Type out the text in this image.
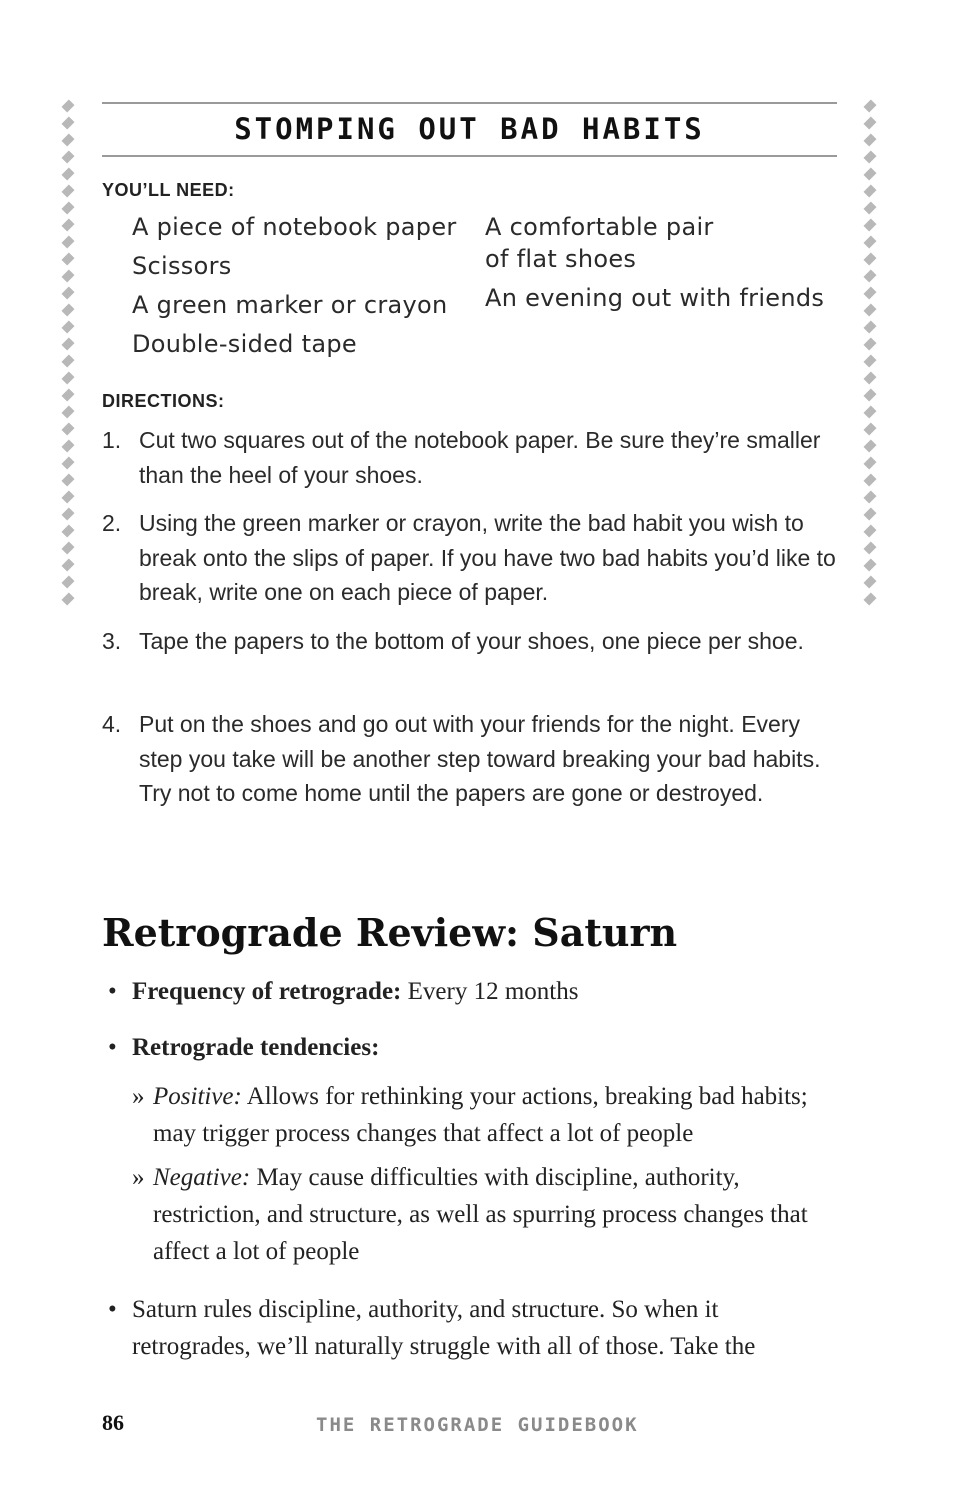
STOMPING OUT BAD HABITS
YOU’LL NEED:
A piece of notebook paper
Scissors
A green marker or crayon
Double-sided tape
A comfortable pair
of flat shoes
An evening out with friends
DIRECTIONS:
1. Cut two squares out of the notebook paper. Be sure they’re smaller than the heel of your shoes.
2. Using the green marker or crayon, write the bad habit you wish to break onto the slips of paper. If you have two bad habits you’d like to break, write one on each piece of paper.
3. Tape the papers to the bottom of your shoes, one piece per shoe.
4. Put on the shoes and go out with your friends for the night. Every step you take will be another step toward breaking your bad habits. Try not to come home until the papers are gone or destroyed.
Retrograde Review: Saturn
• Frequency of retrograde: Every 12 months
• Retrograde tendencies:
» Positive: Allows for rethinking your actions, breaking bad habits; may trigger process changes that affect a lot of people
» Negative: May cause difficulties with discipline, authority, restriction, and structure, as well as spurring process changes that affect a lot of people
• Saturn rules discipline, authority, and structure. So when it retrogrades, we’ll naturally struggle with all of those. Take the
86	THE RETROGRADE GUIDEBOOK
